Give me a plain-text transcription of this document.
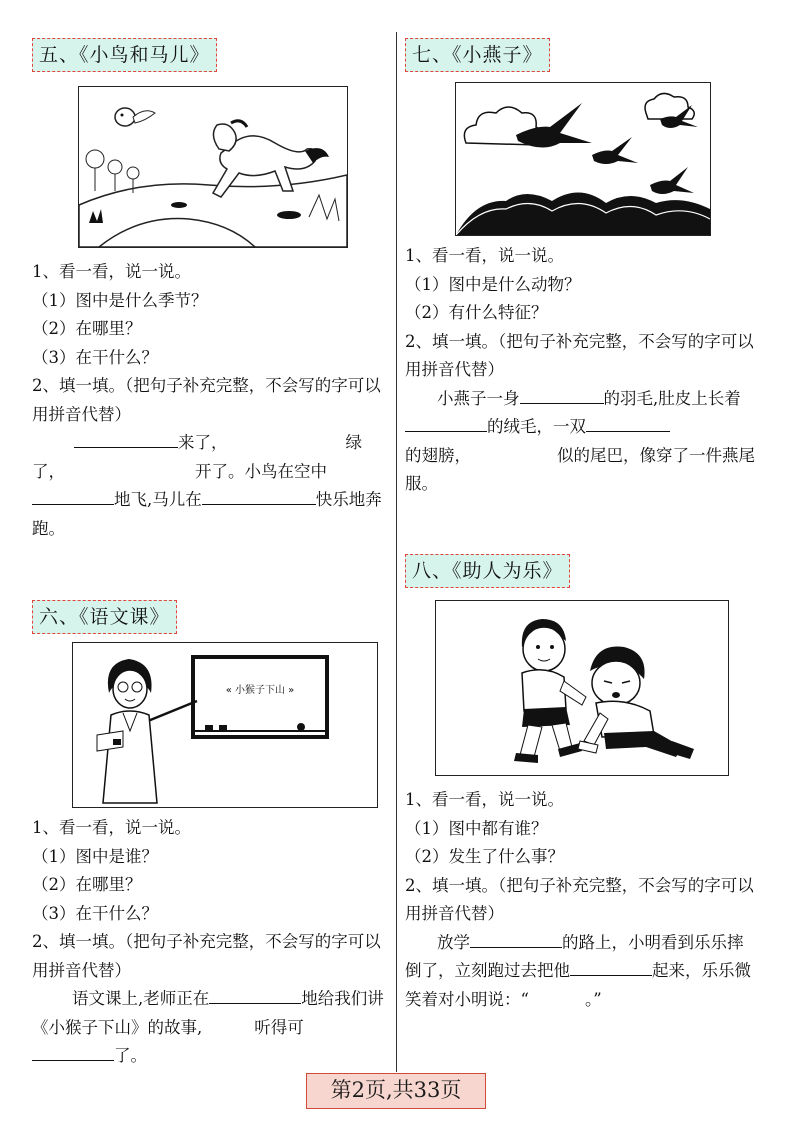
五、《小鸟和马儿》

1、看一看，说一说。

（1）图中是什么季节？

（2）在哪里？

（3）在干什么？

2、填一填。（把句子补充完整，不会写的字可以用拼音代替）

来了，	绿
了，	开了。小鸟在空中
地飞,马儿在	快乐地奔跑。

六、《语文课》
« 小猴子下山 »

1、看一看，说一说。

（1）图中是谁？

（2）在哪里？

（3）在干什么？

2、填一填。（把句子补充完整，不会写的字可以用拼音代替）

语文课上,老师正在	地给我们讲《小猴子下山》的故事,	听得可了。

七、《小燕子》

1、看一看，说一说。

（1）图中是什么动物？

（2）有什么特征？

2、填一填。（把句子补充完整，不会写的字可以用拼音代替）

小燕子一身	的羽毛,肚皮上长着的绒毛，一双
的翅膀，	似的尾巴，像穿了一件燕尾服。

八、《助人为乐》

1、看一看，说一说。

（1）图中都有谁？

（2）发生了什么事？

2、填一填。（把句子补充完整，不会写的字可以用拼音代替）

放学	的路上，小明看到乐乐摔倒了，立刻跑过去把他	起来，乐乐微笑着对小明说：“	。”

第2页,共33页
